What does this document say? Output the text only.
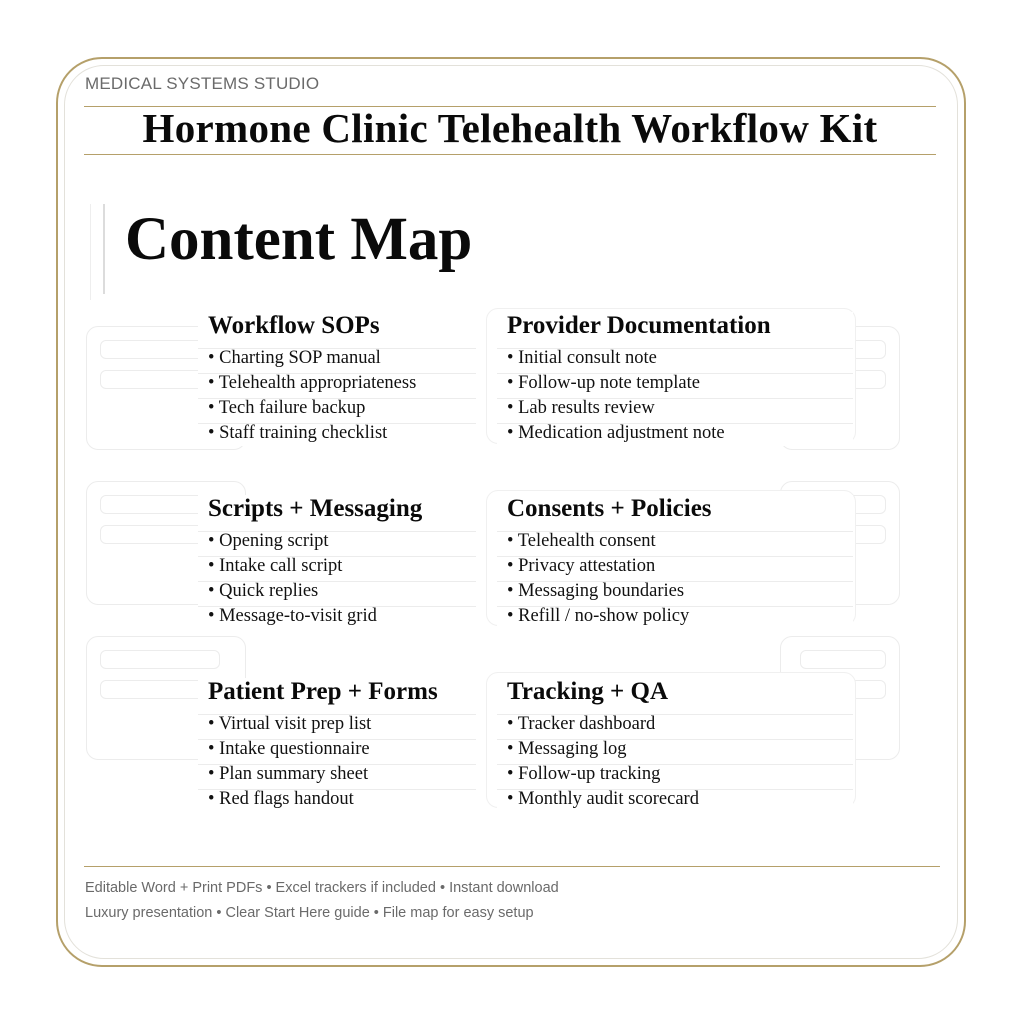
MEDICAL SYSTEMS STUDIO
Hormone Clinic Telehealth Workflow Kit
Content Map
Workflow SOPs
• Charting SOP manual
• Telehealth appropriateness
• Tech failure backup
• Staff training checklist
Provider Documentation
• Initial consult note
• Follow-up note template
• Lab results review
• Medication adjustment note
Scripts + Messaging
• Opening script
• Intake call script
• Quick replies
• Message-to-visit grid
Consents + Policies
• Telehealth consent
• Privacy attestation
• Messaging boundaries
• Refill / no-show policy
Patient Prep + Forms
• Virtual visit prep list
• Intake questionnaire
• Plan summary sheet
• Red flags handout
Tracking + QA
• Tracker dashboard
• Messaging log
• Follow-up tracking
• Monthly audit scorecard
Editable Word + Print PDFs • Excel trackers if included • Instant download
Luxury presentation • Clear Start Here guide • File map for easy setup
